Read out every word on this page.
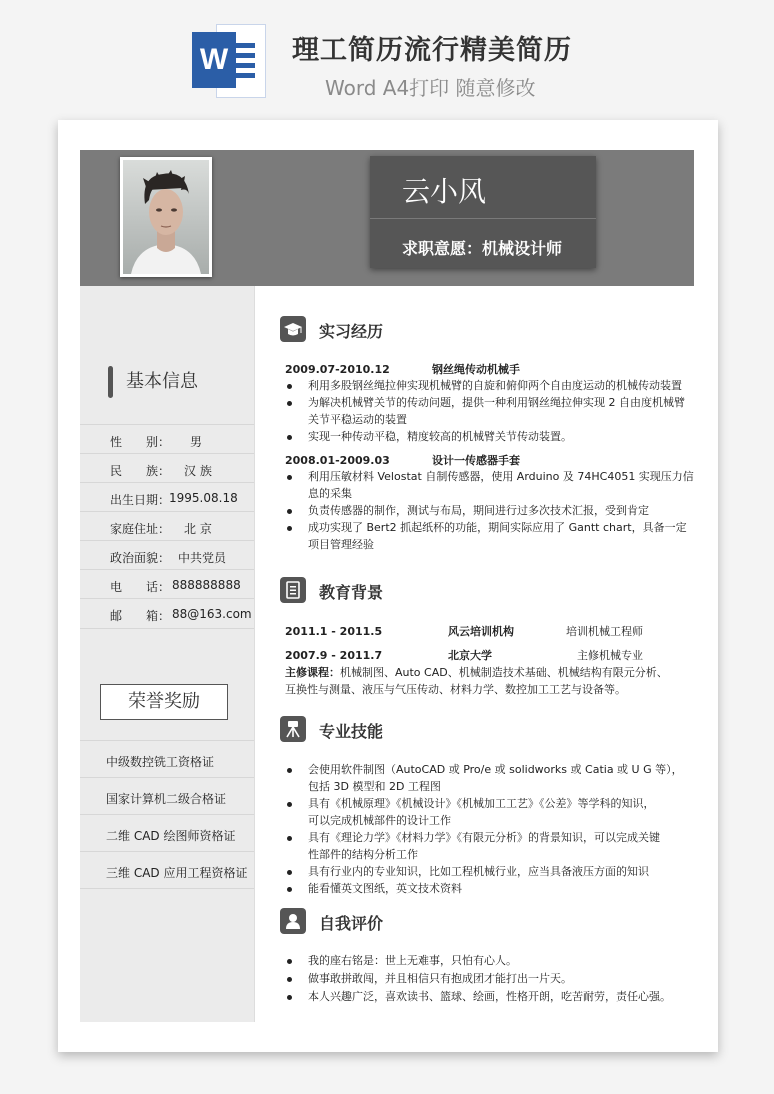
W 理工简历流行精美简历
Word A4打印 随意修改
云小风
求职意愿：机械设计师
基本信息
性　　别： 男
民　　族： 汉 族
出生日期：
1995.08.18
家庭住址： 北 京
政治面貌： 中共党员
电　　话： 888888888
邮　　箱： 88@163.com
荣誉奖励
中级数控铣工资格证
国家计算机二级合格证
二维 CAD 绘图师资格证
三维 CAD 应用工程资格证
实习经历
2009.07-2010.12	钢丝绳传动机械手
利用多股钢丝绳拉伸实现机械臂的自旋和俯仰两个自由度运动的机械传动装置
为解决机械臂关节的传动问题，提供一种利用钢丝绳拉伸实现 2 自由度机械臂
关节平稳运动的装置
实现一种传动平稳，精度较高的机械臂关节传动装置。
2008.01-2009.03	设计一传感器手套
利用压敏材料 Velostat 自制传感器，使用 Arduino 及 74HC4051 实现压力信
息的采集
负责传感器的制作，测试与布局，期间进行过多次技术汇报，受到肯定
成功实现了 Bert2 抓起纸杯的功能，期间实际应用了 Gantt chart，具备一定
项目管理经验
教育背景
2011.1 - 2011.5	风云培训机构	培训机械工程师
2007.9 - 2011.7	北京大学	主修机械专业
主修课程：机械制图、Auto CAD、机械制造技术基础、机械结构有限元分析、
互换性与测量、液压与气压传动、材料力学、数控加工工艺与设备等。
专业技能
会使用软件制图（AutoCAD 或 Pro/e 或 solidworks 或 Catia 或 U G 等），
包括 3D 模型和 2D 工程图
具有《机械原理》《机械设计》《机械加工工艺》《公差》等学科的知识，
可以完成机械部件的设计工作
具有《理论力学》《材料力学》《有限元分析》的背景知识，可以完成关键
性部件的结构分析工作
具有行业内的专业知识，比如工程机械行业，应当具备液压方面的知识
能看懂英文图纸，英文技术资料
自我评价
我的座右铭是：世上无难事，只怕有心人。
做事敢拼敢闯，并且相信只有抱成团才能打出一片天。
本人兴趣广泛，喜欢读书、篮球、绘画，性格开朗，吃苦耐劳，责任心强。
